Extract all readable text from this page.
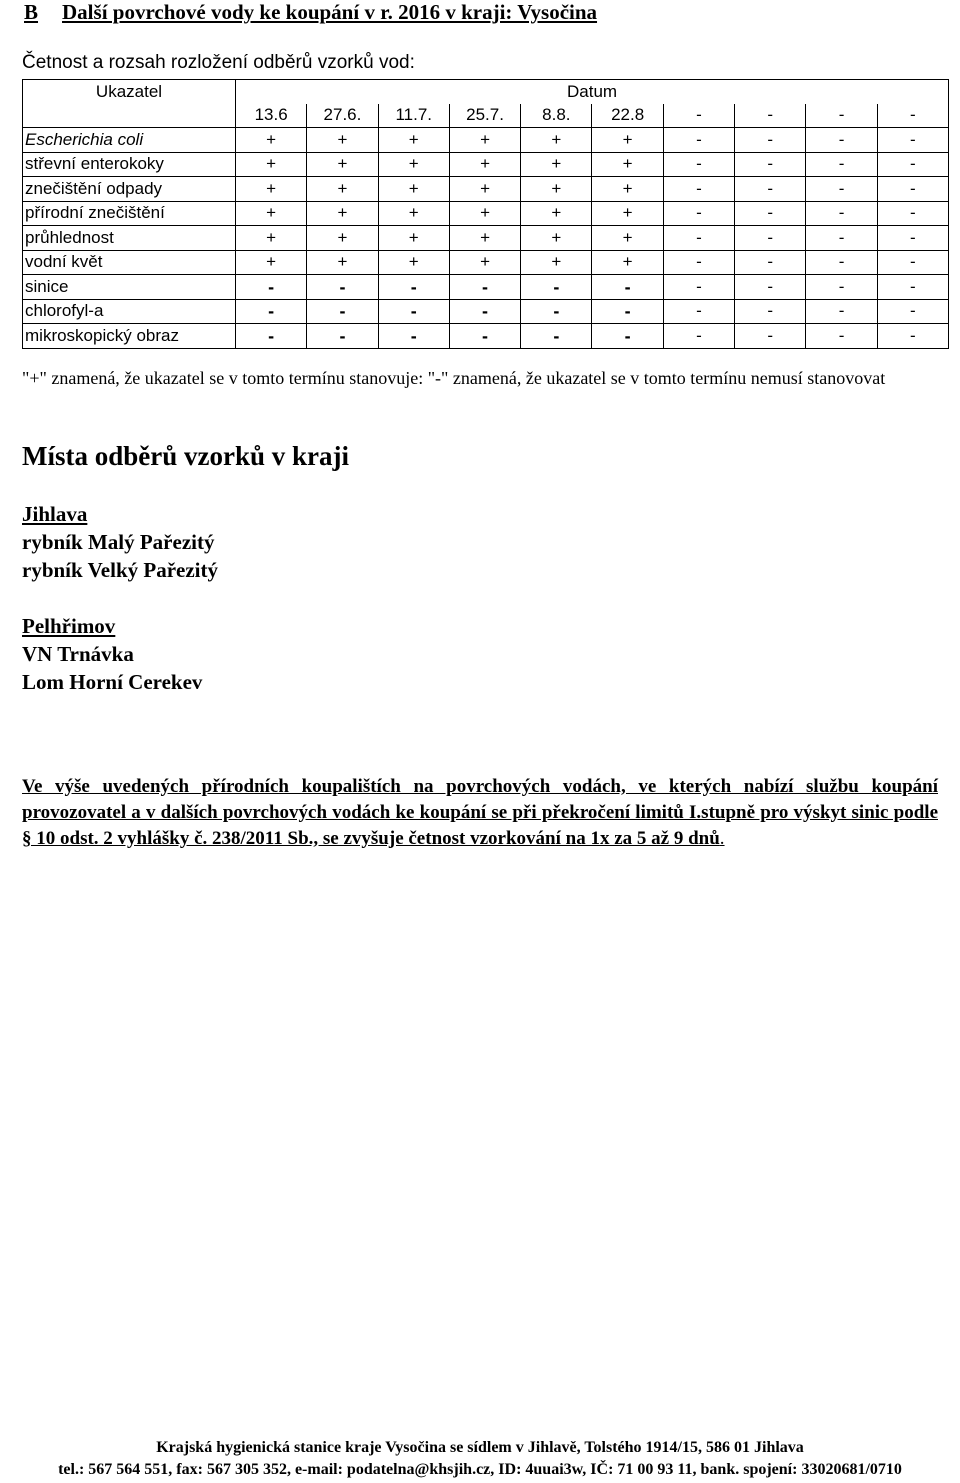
B Další povrchové vody ke koupání v r. 2016 v kraji: Vysočina
Četnost a rozsah rozložení odběrů vzorků vod:
Ukazatel	Datum									
	13.6	27.6.	11.7.	25.7.	8.8.	22.8	-	-	-	-
Escherichia coli	+	+	+	+	+	+	-	-	-	-
střevní enterokoky	+	+	+	+	+	+	-	-	-	-
znečištění odpady	+	+	+	+	+	+	-	-	-	-
přírodní znečištění	+	+	+	+	+	+	-	-	-	-
průhlednost	+	+	+	+	+	+	-	-	-	-
vodní květ	+	+	+	+	+	+	-	-	-	-
sinice	-	-	-	-	-	-	-	-	-	-
chlorofyl-a	-	-	-	-	-	-	-	-	-	-
mikroskopický obraz	-	-	-	-	-	-	-	-	-	-
"+" znamená, že ukazatel se v tomto termínu stanovuje: "-" znamená, že ukazatel se v tomto termínu nemusí stanovovat
Místa odběrů vzorků v kraji
Jihlava
rybník Malý Pařezitý
rybník Velký Pařezitý
Pelhřimov
VN Trnávka
Lom Horní Cerekev
Ve výše uvedených přírodních koupalištích na povrchových vodách, ve kterých nabízí službu koupání provozovatel a v dalších povrchových vodách ke koupání se při překročení limitů I.stupně pro výskyt sinic podle § 10 odst. 2 vyhlášky č. 238/2011 Sb., se zvyšuje četnost vzorkování na 1x za 5 až 9 dnů.
Krajská hygienická stanice kraje Vysočina se sídlem v Jihlavě, Tolstého 1914/15, 586 01 Jihlava
tel.: 567 564 551, fax: 567 305 352, e-mail: podatelna@khsjih.cz, ID: 4uuai3w, IČ: 71 00 93 11, bank. spojení: 33020681/0710
